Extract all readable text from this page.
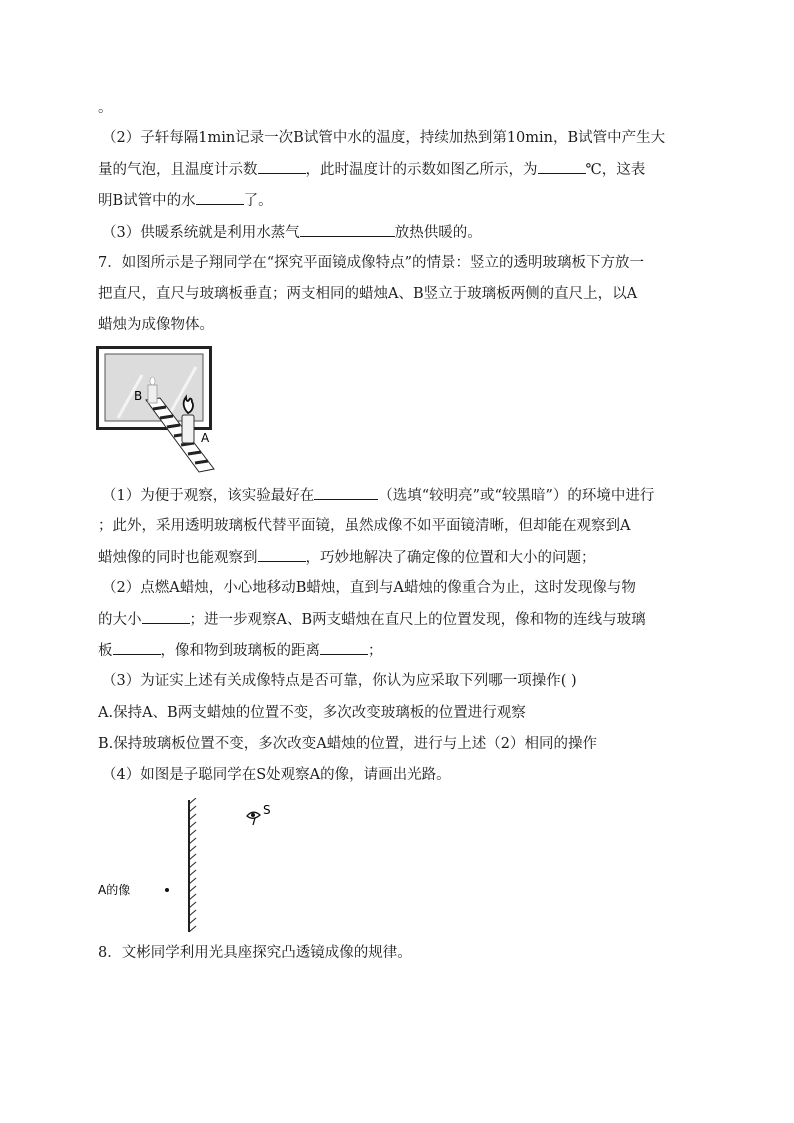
。
（2）子轩每隔1min记录一次B试管中水的温度，持续加热到第10min，B试管中产生大
量的气泡，且温度计示数	，此时温度计的示数如图乙所示，为	℃，这表
明B试管中的水	了。
（3）供暖系统就是利用水蒸气	放热供暖的。
7．如图所示是子翔同学在“探究平面镜成像特点”的情景：竖立的透明玻璃板下方放一
把直尺，直尺与玻璃板垂直；两支相同的蜡烛A、B竖立于玻璃板两侧的直尺上，以A
蜡烛为成像物体。
B
A
（1）为便于观察，该实验最好在	（选填“较明亮”或“较黑暗”）的环境中进行
；此外，采用透明玻璃板代替平面镜，虽然成像不如平面镜清晰，但却能在观察到A
蜡烛像的同时也能观察到	，巧妙地解决了确定像的位置和大小的问题；
（2）点燃A蜡烛，小心地移动B蜡烛，直到与A蜡烛的像重合为止，这时发现像与物
的大小	；进一步观察A、B两支蜡烛在直尺上的位置发现，像和物的连线与玻璃
板	，像和物到玻璃板的距离	；
（3）为证实上述有关成像特点是否可靠，你认为应采取下列哪一项操作( )
A.保持A、B两支蜡烛的位置不变，多次改变玻璃板的位置进行观察
B.保持玻璃板位置不变，多次改变A蜡烛的位置，进行与上述（2）相同的操作
（4）如图是子聪同学在S处观察A的像，请画出光路。
S
A的像
8．文彬同学利用光具座探究凸透镜成像的规律。
